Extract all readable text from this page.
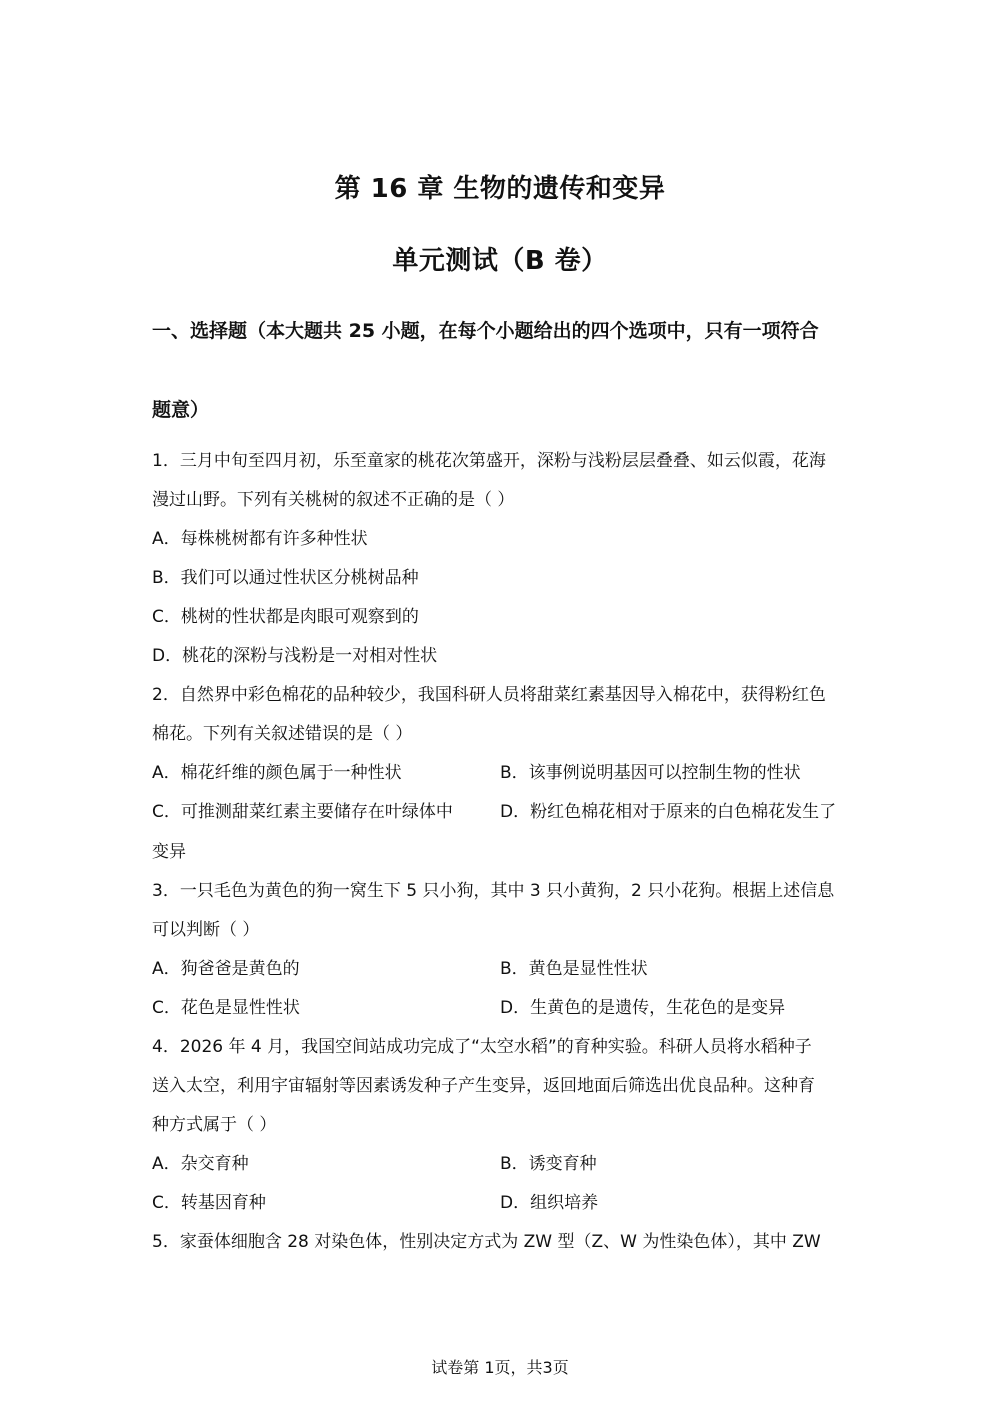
第 16 章 生物的遗传和变异
单元测试（B 卷）
一、选择题（本大题共 25 小题，在每个小题给出的四个选项中，只有一项符合
题意）
1．三月中旬至四月初，乐至童家的桃花次第盛开，深粉与浅粉层层叠叠、如云似霞，花海
漫过山野。下列有关桃树的叙述不正确的是（ ）
A．每株桃树都有许多种性状
B．我们可以通过性状区分桃树品种
C．桃树的性状都是肉眼可观察到的
D．桃花的深粉与浅粉是一对相对性状
2．自然界中彩色棉花的品种较少，我国科研人员将甜菜红素基因导入棉花中，获得粉红色
棉花。下列有关叙述错误的是（ ）
A．棉花纤维的颜色属于一种性状	B．该事例说明基因可以控制生物的性状
C．可推测甜菜红素主要储存在叶绿体中	D．粉红色棉花相对于原来的白色棉花发生了
变异
3．一只毛色为黄色的狗一窝生下 5 只小狗，其中 3 只小黄狗，2 只小花狗。根据上述信息
可以判断（ ）
A．狗爸爸是黄色的	B．黄色是显性性状
C．花色是显性性状	D．生黄色的是遗传，生花色的是变异
4．2026 年 4 月，我国空间站成功完成了“太空水稻”的育种实验。科研人员将水稻种子
送入太空，利用宇宙辐射等因素诱发种子产生变异，返回地面后筛选出优良品种。这种育
种方式属于（ ）
A．杂交育种	B．诱变育种
C．转基因育种	D．组织培养
5．家蚕体细胞含 28 对染色体，性别决定方式为 ZW 型（Z、W 为性染色体），其中 ZW
试卷第 1页，共3页
